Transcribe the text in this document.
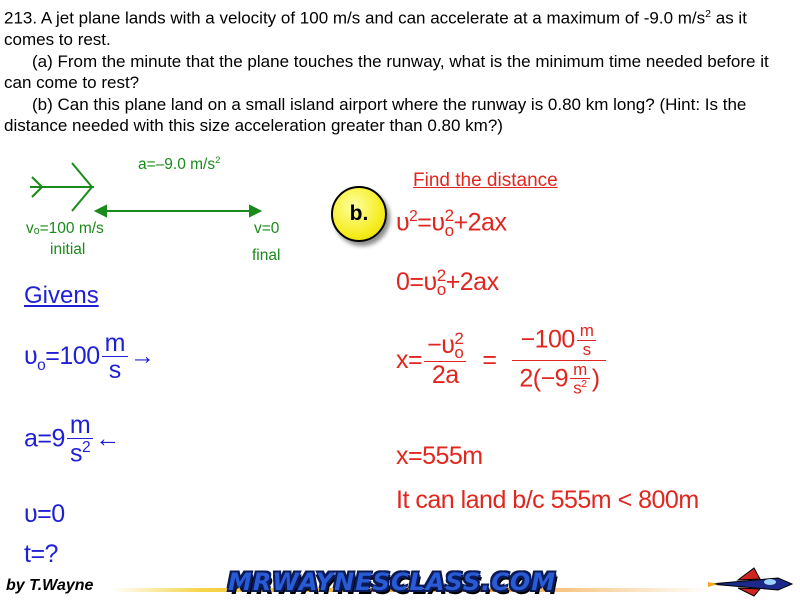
213. A jet plane lands with a velocity of 100 m/s and can accelerate at a maximum of -9.0 $m/s^2$ as it comes to rest.

(a) From the minute that the plane touches the runway, what is the minimum time needed before it can come to rest?

(b) Can this plane land on a small island airport where the runway is 0.80 km long? (Hint: Is the distance needed with this size acceleration greater than 0.80 km?)

a=–9.0 $m/s^2$
vₒ=100 m/s
initial
v=0
final
Givens
$\upsilon_o=100 \frac{m}{s}$ →
$a=9 \frac{m}{s^2}$ ←
υ=0
t=?
b.
Find the distance
$\upsilon^2=\upsilon$ 2
o +2ax
0=υ 2
o +2ax
x= −υ 2
o
$2a = \frac{-100 \frac{m}{s}}{2(-9 \frac{m}{s^2} )}$
x=555m
It can land b/c 555m < 800m
by T.Wayne	MRWAYNESCLASS.COM
